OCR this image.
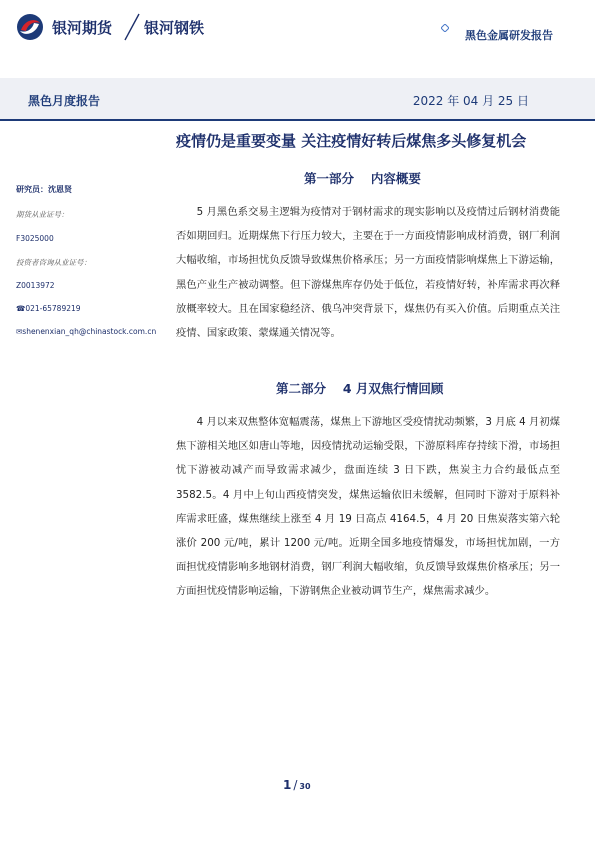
银河期货 银河钢铁	黑色金属研发报告
黑色月度报告	2022 年 04 月 25 日
疫情仍是重要变量 关注疫情好转后煤焦多头修复机会
研究员：沈恩贤
期货从业证号：
F3025000
投资者咨询从业证号：
Z0013972
☎021-65789219
✉shenenxian_qh@chinastock.com.cn
第一部分　 内容概要
5 月黑色系交易主逻辑为疫情对于钢材需求的现实影响以及疫情过后钢材消费能否如期回归。近期煤焦下行压力较大，主要在于一方面疫情影响成材消费，钢厂利润大幅收缩，市场担忧负反馈导致煤焦价格承压；另一方面疫情影响煤焦上下游运输，黑色产业生产被动调整。但下游煤焦库存仍处于低位，若疫情好转，补库需求再次释放概率较大。且在国家稳经济、俄乌冲突背景下，煤焦仍有买入价值。后期重点关注疫情、国家政策、蒙煤通关情况等。
第二部分　 4 月双焦行情回顾
4 月以来双焦整体宽幅震荡，煤焦上下游地区受疫情扰动频繁，3 月底 4 月初煤焦下游相关地区如唐山等地，因疫情扰动运输受限，下游原料库存持续下滑，市场担忧下游被动减产而导致需求减少，盘面连续 3 日下跌，焦炭主力合约最低点至 3582.5。4 月中上旬山西疫情突发，煤焦运输依旧未缓解，但同时下游对于原料补库需求旺盛，煤焦继续上涨至 4 月 19 日高点 4164.5，4 月 20 日焦炭落实第六轮涨价 200 元/吨，累计 1200 元/吨。近期全国多地疫情爆发，市场担忧加剧，一方面担忧疫情影响多地钢材消费，钢厂利润大幅收缩，负反馈导致煤焦价格承压；另一方面担忧疫情影响运输，下游钢焦企业被动调节生产，煤焦需求减少。
1 / 30
